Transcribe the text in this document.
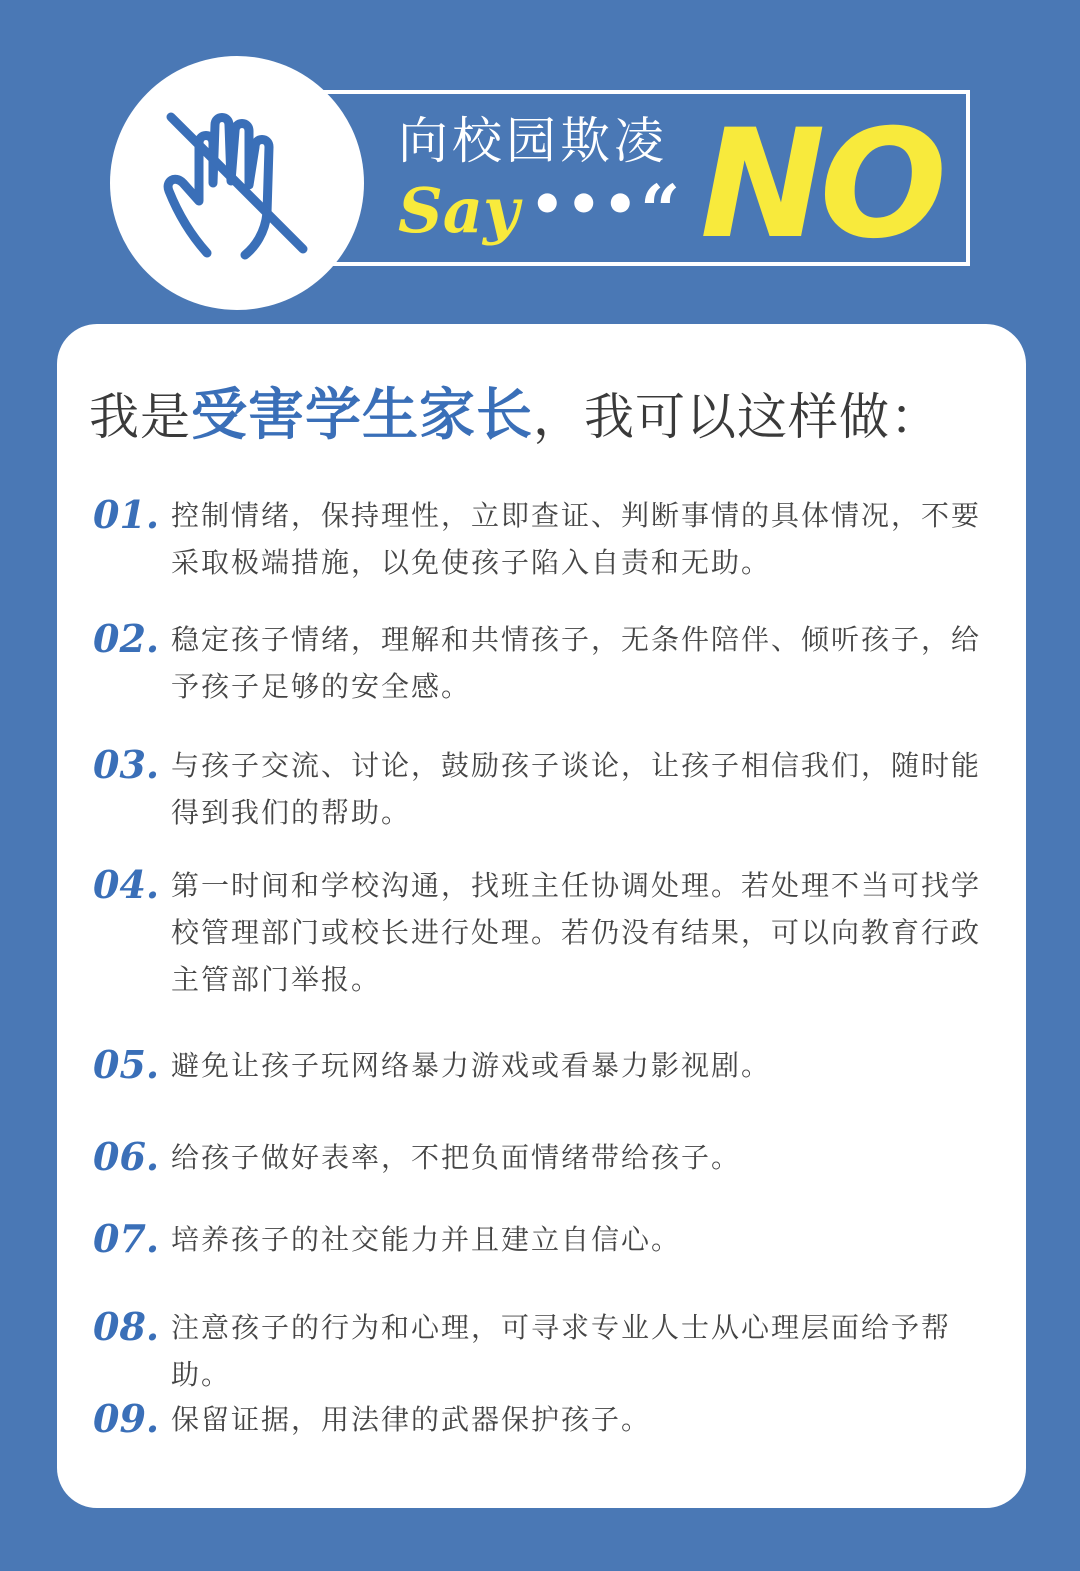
向校园欺凌
Say ••• “ NO
我是受害学生家长，我可以这样做：
01. 控制情绪，保持理性，立即查证、判断事情的具体情况，不要采取极端措施，以免使孩子陷入自责和无助。
02. 稳定孩子情绪，理解和共情孩子，无条件陪伴、倾听孩子，给予孩子足够的安全感。
03. 与孩子交流、讨论，鼓励孩子谈论，让孩子相信我们，随时能得到我们的帮助。
04. 第一时间和学校沟通，找班主任协调处理。若处理不当可找学校管理部门或校长进行处理。若仍没有结果，可以向教育行政主管部门举报。
05. 避免让孩子玩网络暴力游戏或看暴力影视剧。
06. 给孩子做好表率，不把负面情绪带给孩子。
07. 培养孩子的社交能力并且建立自信心。
08. 注意孩子的行为和心理，可寻求专业人士从心理层面给予帮助。
09. 保留证据，用法律的武器保护孩子。
